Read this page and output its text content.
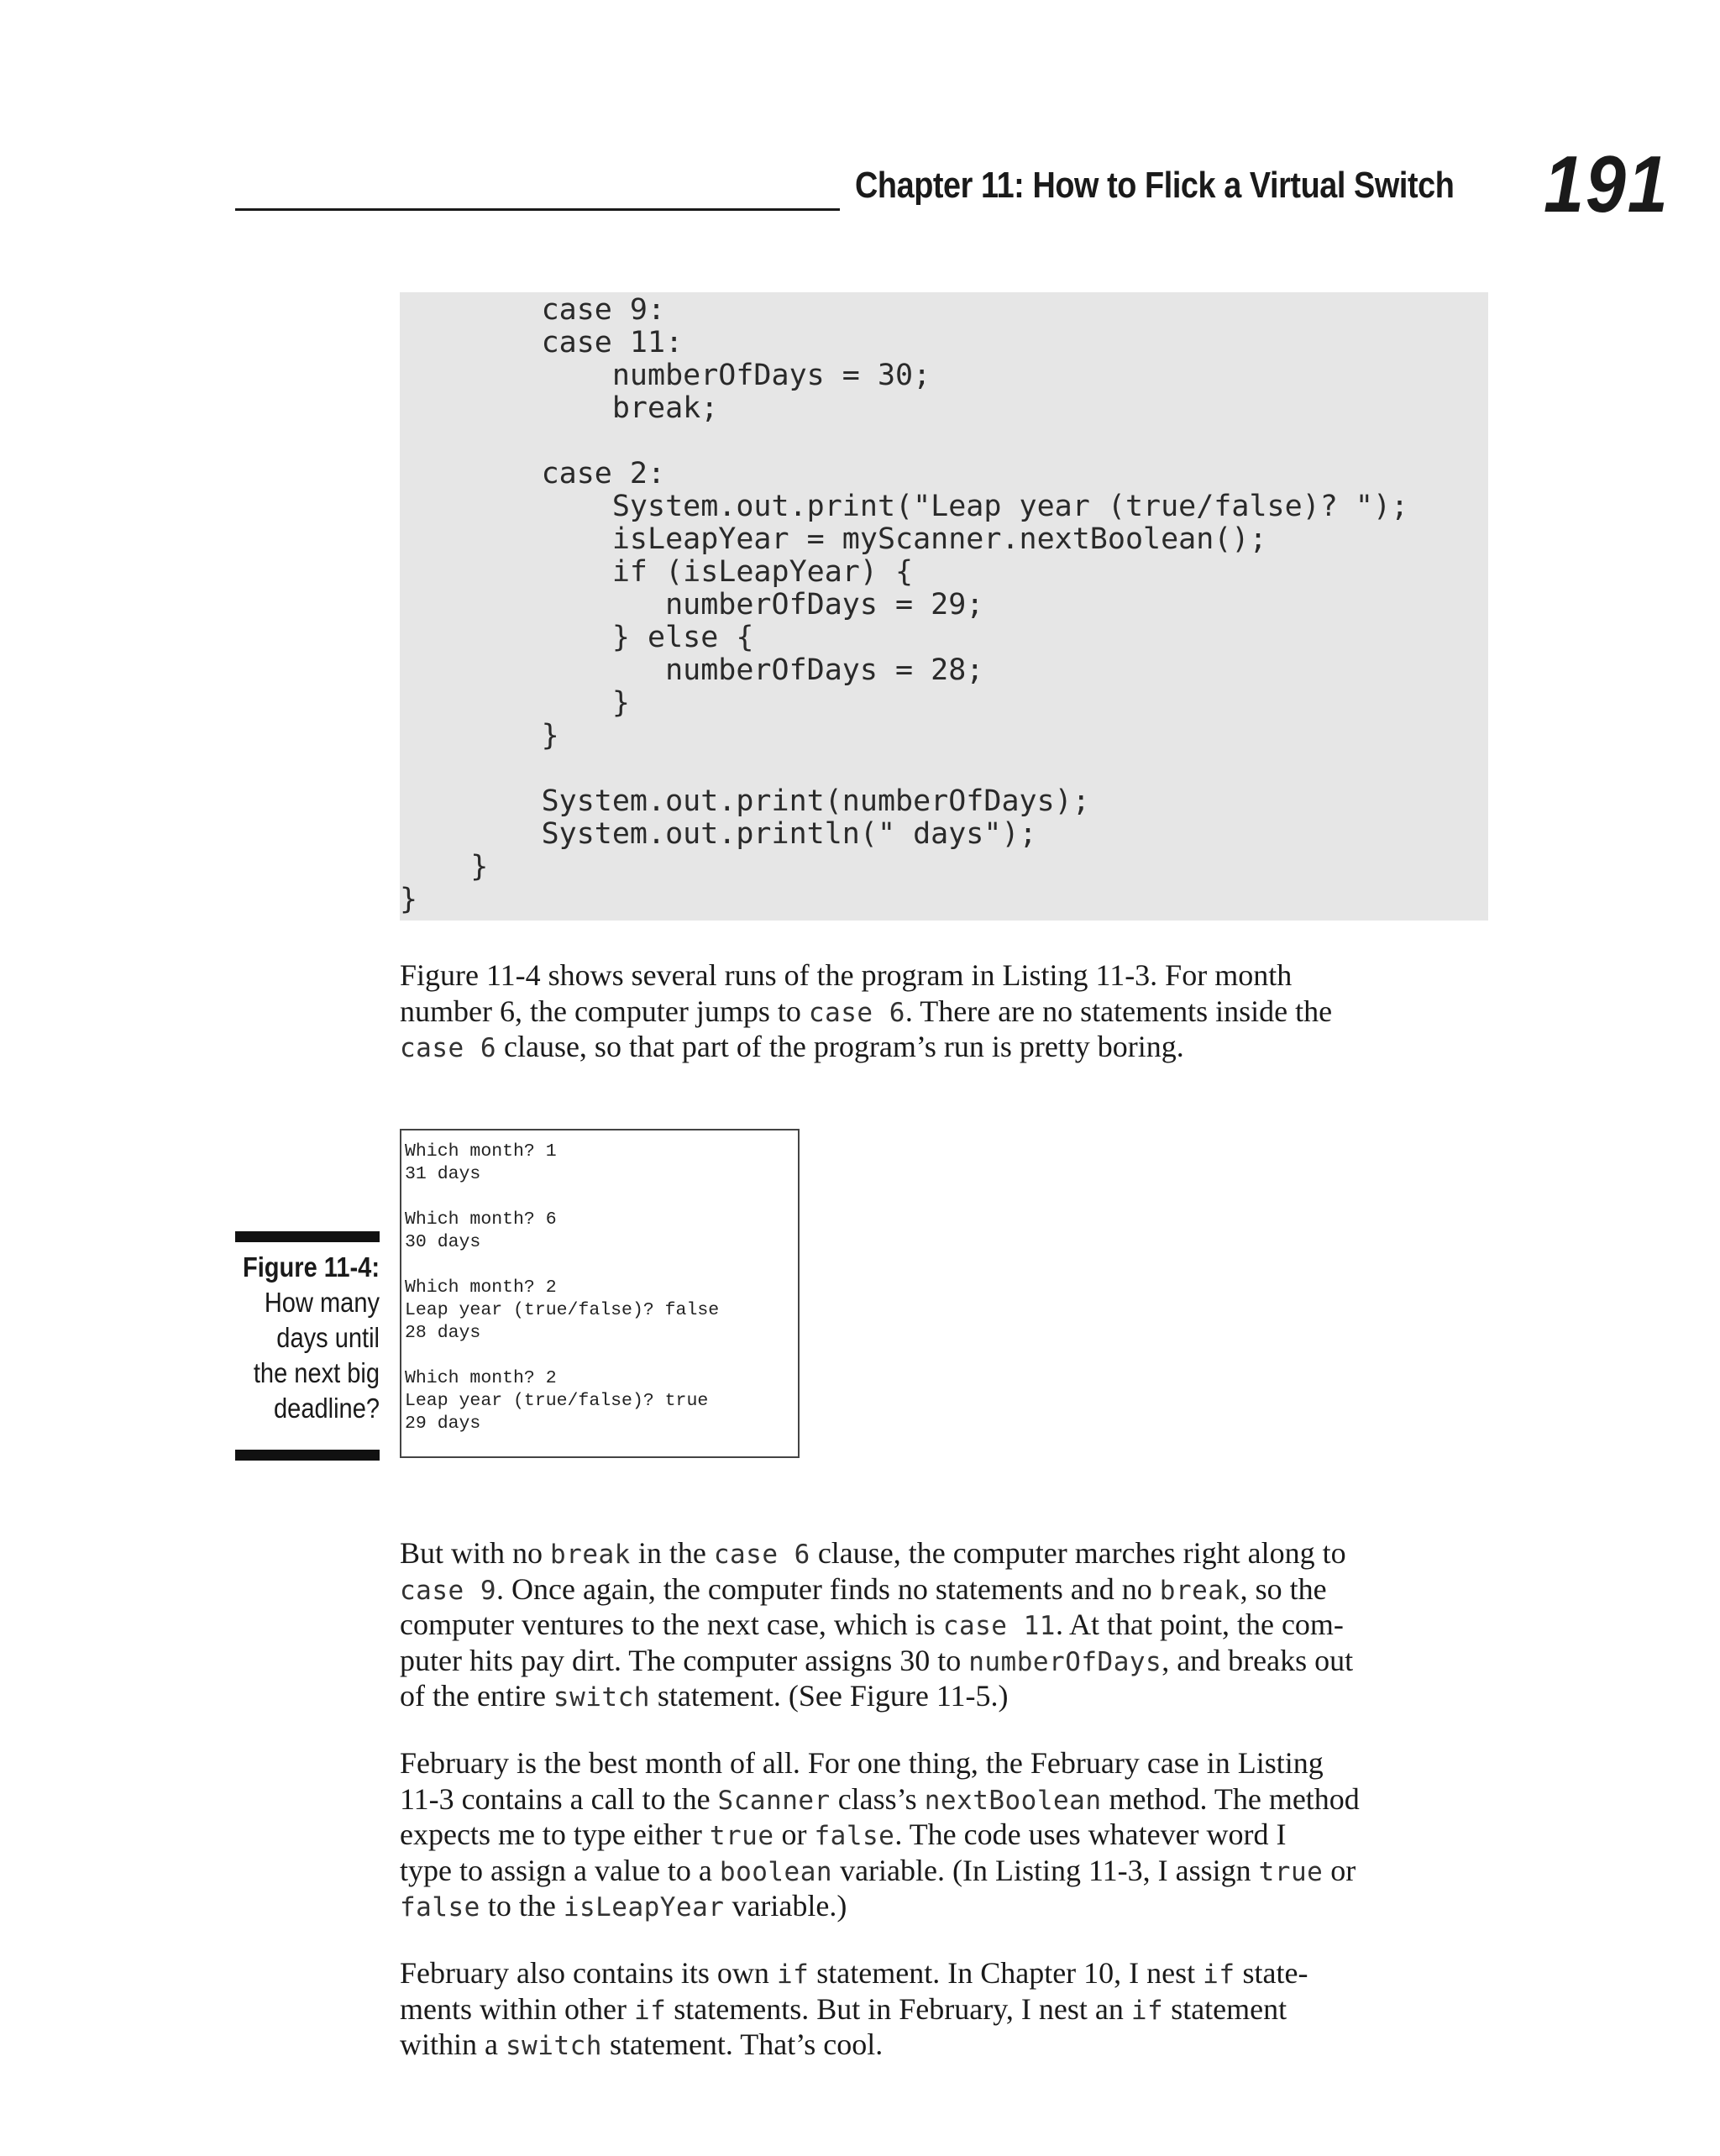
Chapter 11: How to Flick a Virtual Switch 191
case 9:
case 11:
numberOfDays = 30;
break;
case 2:
System.out.print("Leap year (true/false)? ");
isLeapYear = myScanner.nextBoolean();
if (isLeapYear) {
numberOfDays = 29;
} else {
numberOfDays = 28;
}
}
System.out.print(numberOfDays);
System.out.println(" days");
}
}
Figure 11-4 shows several runs of the program in Listing 11-3. For month
number 6, the computer jumps to case 6. There are no statements inside the
case 6 clause, so that part of the program’s run is pretty boring.
Figure 11-4:
How many
days until
the next big
deadline?
Which month? 1
31 days
Which month? 6
30 days
Which month? 2
Leap year (true/false)? false
28 days
Which month? 2
Leap year (true/false)? true
29 days
But with no break in the case 6 clause, the computer marches right along to
case 9. Once again, the computer finds no statements and no break, so the
computer ventures to the next case, which is case 11. At that point, the com-
puter hits pay dirt. The computer assigns 30 to numberOfDays, and breaks out
of the entire switch statement. (See Figure 11-5.)
February is the best month of all. For one thing, the February case in Listing
11-3 contains a call to the Scanner class’s nextBoolean method. The method
expects me to type either true or false. The code uses whatever word I
type to assign a value to a boolean variable. (In Listing 11-3, I assign true or
false to the isLeapYear variable.)
February also contains its own if statement. In Chapter 10, I nest if state-
ments within other if statements. But in February, I nest an if statement
within a switch statement. That’s cool.
